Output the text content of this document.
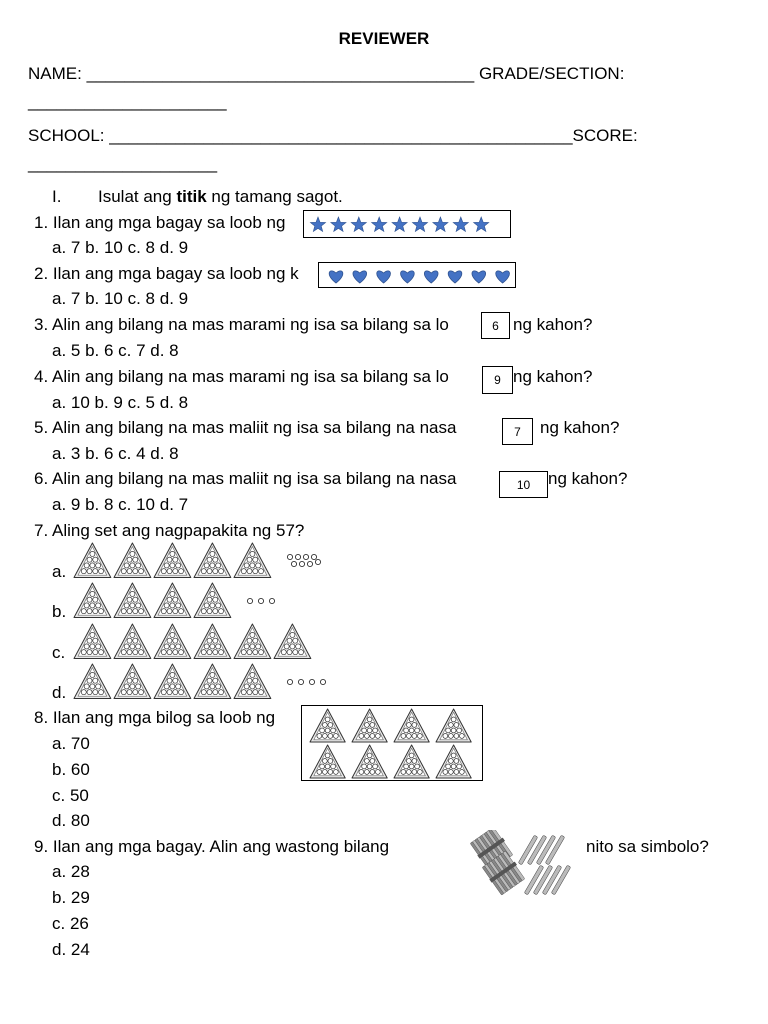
REVIEWER
NAME: _________________________________________ GRADE/SECTION:
_____________________
SCHOOL: _________________________________________________SCORE:
____________________
I. Isulat ang titik ng tamang sagot.
1. Ilan ang mga bagay sa loob ng
a. 7 b. 10 c. 8 d. 9
2. Ilan ang mga bagay sa loob ng k
a. 7 b. 10 c. 8 d. 9
3. Alin ang bilang na mas marami ng isa sa bilang sa lo	6 ng kahon?
a. 5 b. 6 c. 7 d. 8
4. Alin ang bilang na mas marami ng isa sa bilang sa lo	9 ng kahon?
a. 10 b. 9 c. 5 d. 8
5. Alin ang bilang na mas maliit ng isa sa bilang na nasa	7	ng kahon?
a. 3 b. 6 c. 4 d. 8
6. Alin ang bilang na mas maliit ng isa sa bilang na nasa	10	ng kahon?
a. 9 b. 8 c. 10 d. 7
7. Aling set ang nagpapakita ng 57?
a.
b.
c.
d.
8. Ilan ang mga bilog sa loob ng
a. 70
b. 60
c. 50
d. 80
9. Ilan ang mga bagay. Alin ang wastong bilang	nito sa simbolo?
a. 28
b. 29
c. 26
d. 24
